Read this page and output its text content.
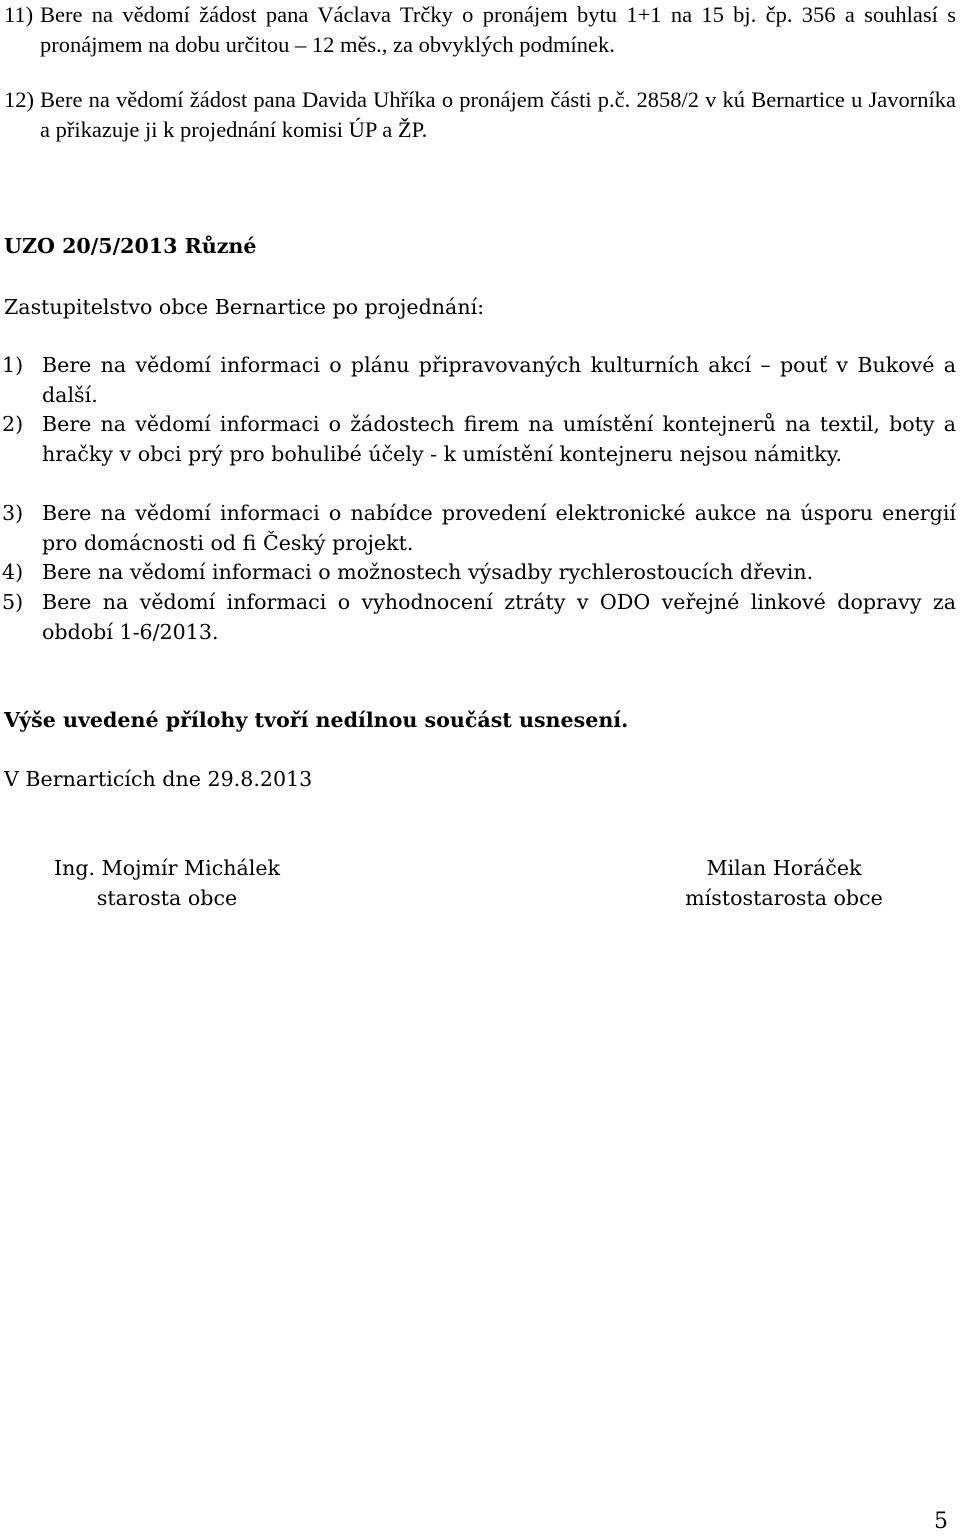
11) Bere na vědomí žádost pana Václava Trčky o pronájem bytu 1+1 na 15 bj. čp. 356 a souhlasí s pronájmem na dobu určitou – 12 měs., za obvyklých podmínek.
12) Bere na vědomí žádost pana Davida Uhříka o pronájem části p.č. 2858/2 v kú Bernartice u Javorníka a přikazuje ji k projednání komisi ÚP a ŽP.
UZO 20/5/2013 Různé
Zastupitelstvo obce Bernartice po projednání:
1) Bere na vědomí informaci o plánu připravovaných kulturních akcí – pouť v Bukové a další.
2) Bere na vědomí informaci o žádostech firem na umístění kontejnerů na textil, boty a hračky v obci prý pro bohulibé účely - k umístění kontejneru nejsou námitky.
3) Bere na vědomí informaci o nabídce provedení elektronické aukce na úsporu energií pro domácnosti od fi Český projekt.
4) Bere na vědomí informaci o možnostech výsadby rychlerostoucích dřevin.
5) Bere na vědomí informaci o vyhodnocení ztráty v ODO veřejné linkové dopravy za období 1-6/2013.
Výše uvedené přílohy tvoří nedílnou součást usnesení.
V Bernarticích dne 29.8.2013
Ing. Mojmír Michálek
starosta obce
Milan Horáček
místostarosta obce
5
